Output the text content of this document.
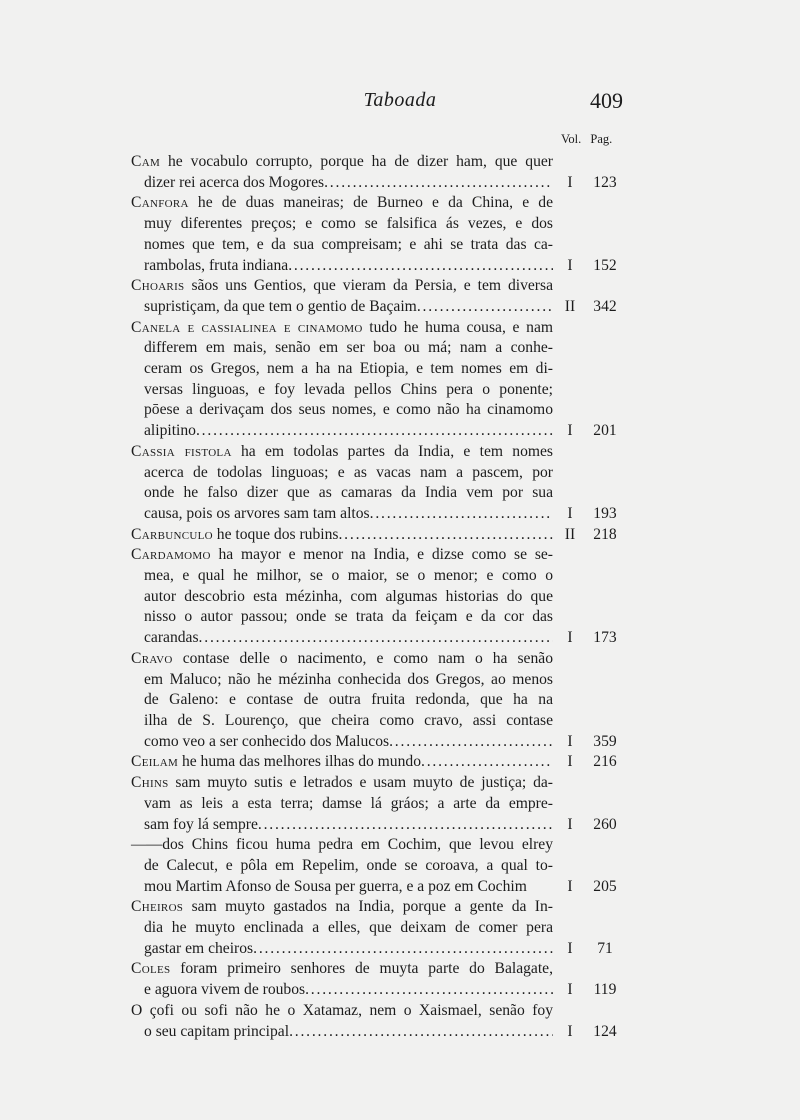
Taboada	409
Vol. Pag.
Cam he vocabulo corrupto, porque ha de dizer ham, que quer
dizer rei acerca dos Mogores .....	I	123
Canfora he de duas maneiras; de Burneo e da China, e de
muy diferentes preços; e como se falsifica ás vezes, e dos
nomes que tem, e da sua compreisam; e ahi se trata das ca-
rambolas, fruta indiana .....	I	152
Choaris sãos uns Gentios, que vieram da Persia, e tem diversa
supristiçam, da que tem o gentio de Baçaim .....	II 342
Canela e cassialinea e cinamomo tudo he huma cousa, e nam
differem em mais, senão em ser boa ou má; nam a conhe-
ceram os Gregos, nem a ha na Etiopia, e tem nomes em di-
versas linguoas, e foy levada pellos Chins pera o ponente;
pōese a derivaçam dos seus nomes, e como não ha cinamomo
alipitino .....	I	201
Cassia fistola ha em todolas partes da India, e tem nomes
acerca de todolas linguoas; e as vacas nam a pascem, por
onde he falso dizer que as camaras da India vem por sua
causa, pois os arvores sam tam altos .....	I	193
Carbunculo he toque dos rubins .....	II 218
Cardamomo ha mayor e menor na India, e dizse como se se-
mea, e qual he milhor, se o maior, se o menor; e como o
autor descobrio esta mézinha, com algumas historias do que
nisso o autor passou; onde se trata da feiçam e da cor das
carandas .....	I	173
Cravo contase delle o nacimento, e como nam o ha senão
em Maluco; não he mézinha conhecida dos Gregos, ao menos
de Galeno: e contase de outra fruita redonda, que ha na
ilha de S. Lourenço, que cheira como cravo, assi contase
como veo a ser conhecido dos Malucos .....	I	359
Ceilam he huma das melhores ilhas do mundo .....	I	216
Chins sam muyto sutis e letrados e usam muyto de justiça; da-
vam as leis a esta terra; damse lá gráos; a arte da empre-
sam foy lá sempre .....	I	260
——dos Chins ficou huma pedra em Cochim, que levou elrey
de Calecut, e pôla em Repelim, onde se coroava, a qual to-
mou Martim Afonso de Sousa per guerra, e a poz em Cochim	I	205
Cheiros sam muyto gastados na India, porque a gente da In-
dia he muyto enclinada a elles, que deixam de comer pera
gastar em cheiros .....	I	71
Coles foram primeiro senhores de muyta parte do Balagate,
e aguora vivem de roubos .....	I	119
O çofi ou sofi não he o Xatamaz, nem o Xaismael, senão foy
o seu capitam principal .....	I	124
